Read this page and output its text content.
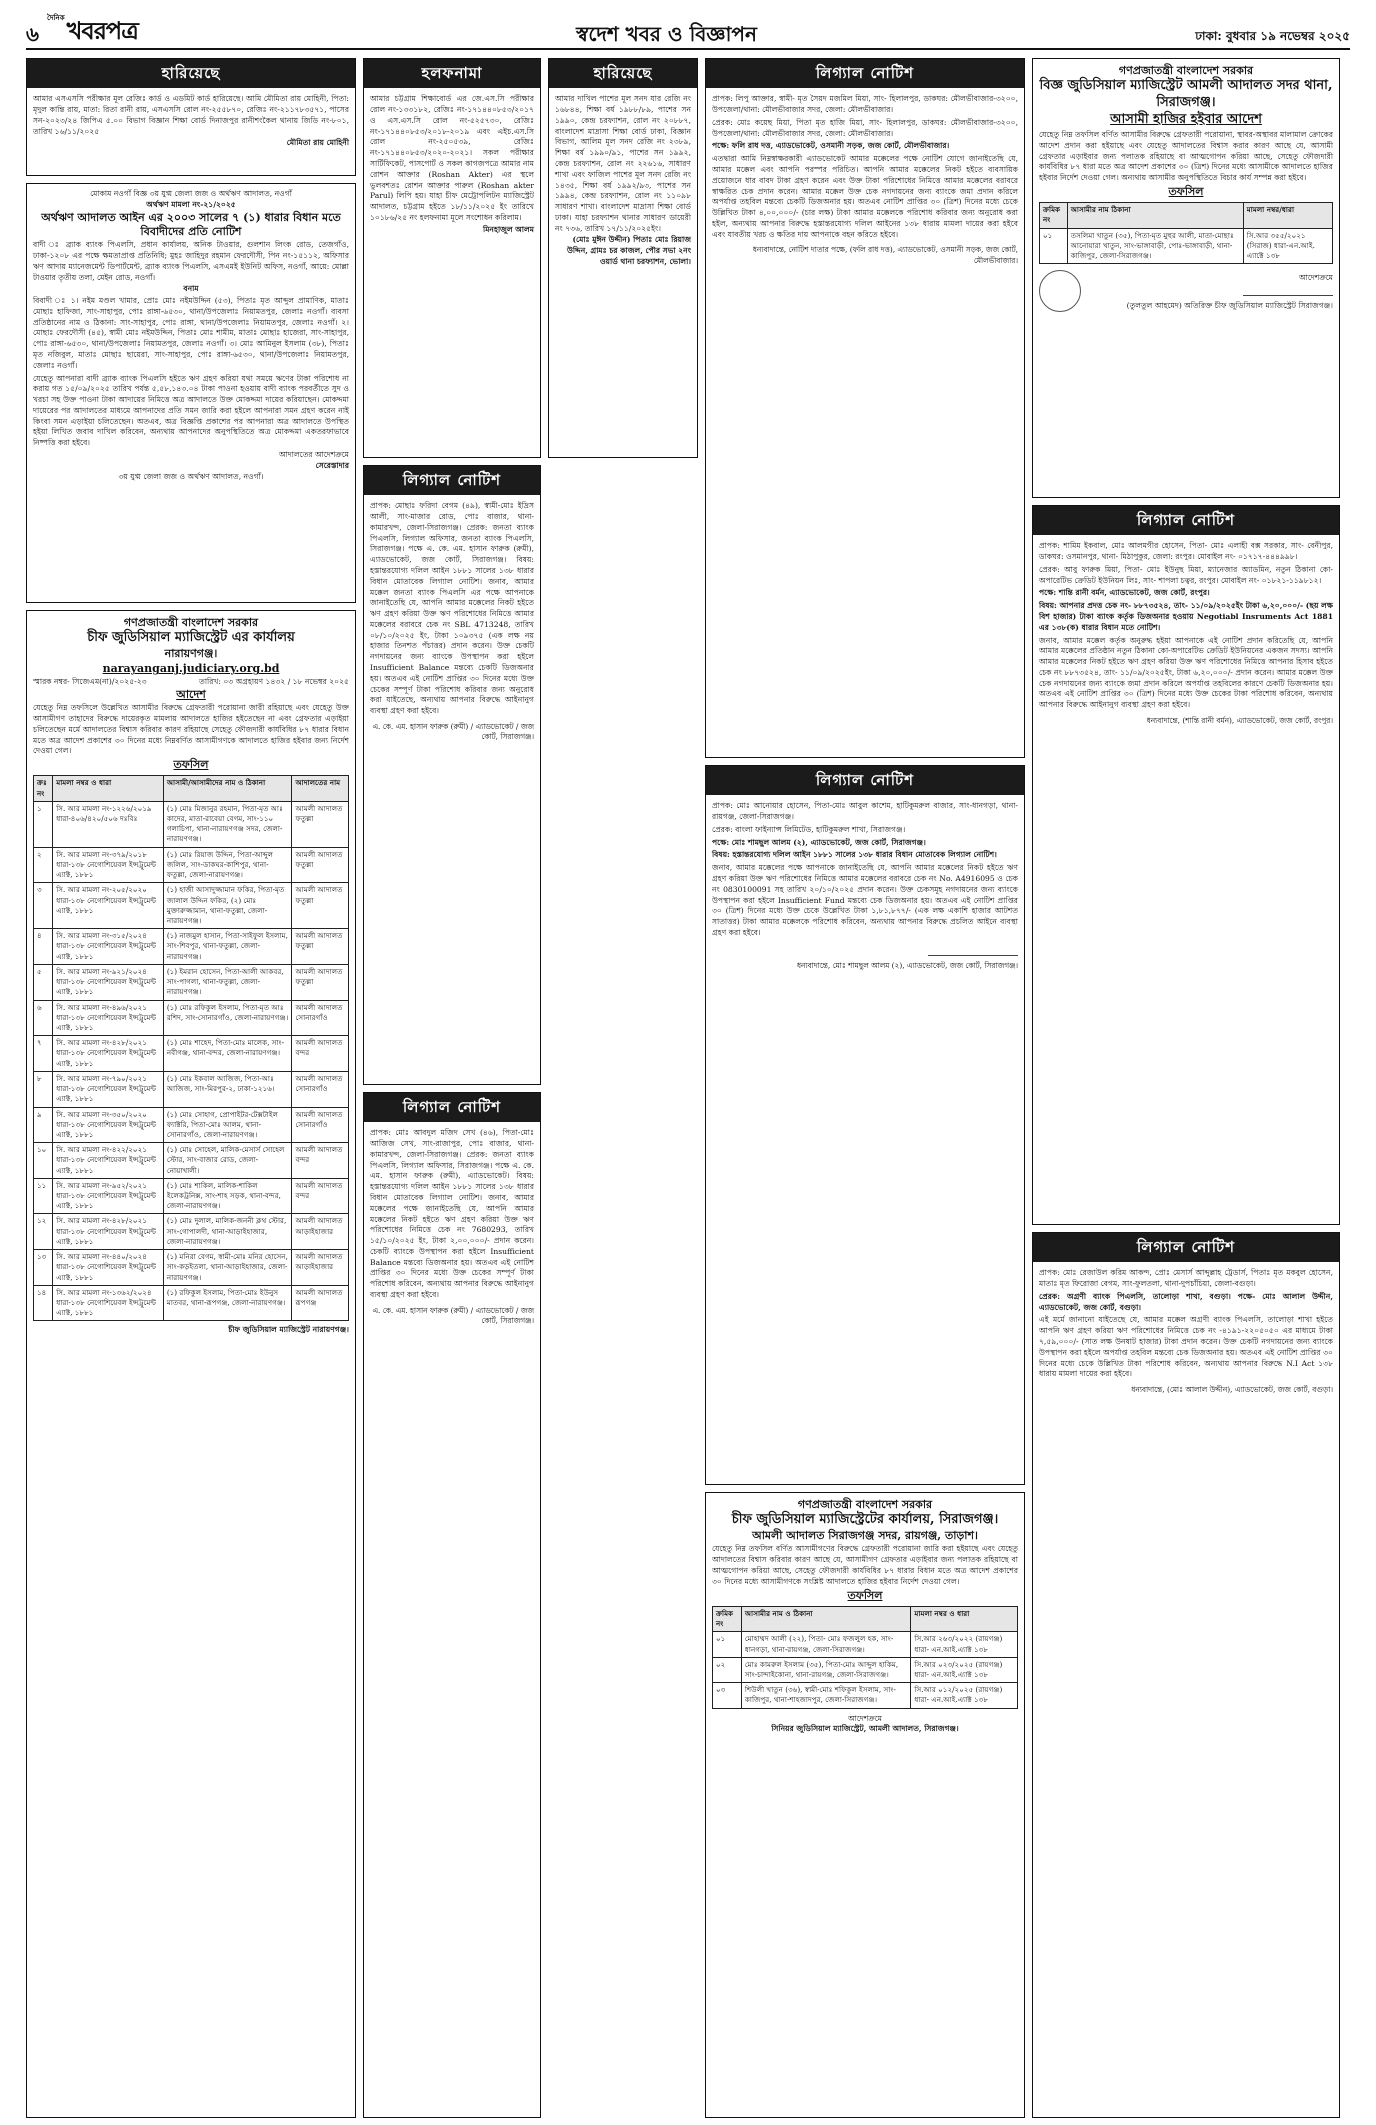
৬
$^{দৈনিক}$খবরপত্র	স্বদেশ খবর ও বিজ্ঞাপন	ঢাকা: বুধবার ১৯ নভেম্বর ২০২৫
হারিয়েছে

আমার এসএসসি পরীক্ষার মূল রেজিঃ কার্ড ও এডমিট কার্ড হারিয়েছে। আমি মৌমিতা রায় মোহিনী, পিতা: মৃদুল কান্তি রায়, মাতা: রিতা রানী রায়, এসএসসি রোল নং-২৫৫৮৭০, রেজিঃ নং-২১১৭৮৩৫৭১, পাসের সন-২০২৩/২৪ জিপিএ ৫.০০ বিভাগ বিজ্ঞান শিক্ষা বোর্ড দিনাজপুর রানীশংকৈল থানায় জিডি নং-৮০১, তারিখ ১৬/১১/২০২৫

মৌমিতা রায় মোহিনী
মোকাম নওগাঁ বিজ্ঞ ৩য় যুগ্ম জেলা জজ ও অর্থঋণ আদালত, নওগাঁ
অর্থঋণ মামলা নং-২১/২০২৫
অর্থঋণ আদালত আইন এর ২০০৩ সালের ৭ (১) ধারার বিধান মতে বিবাদীদের প্রতি নোটিশ

বাদী ঃ ব্র্যাক ব্যাংক পিএলসি, প্রধান কার্যালয়, অনিক টাওয়ার, গুলশান লিংক রোড, তেজগাঁও, ঢাকা-১২০৮ এর পক্ষে ক্ষমতাপ্রাপ্ত প্রতিনিধি; মুহঃ জাহিদুর রহমান ফেরদৌসী, পিন নং-১৫১১২, অফিসার ঋণ আদায় ম্যানেজমেন্ট ডিপার্টমেন্ট, ব্র্যাক ব্যাংক পিএলসি, এসএমই ইউনিট অফিস, নওগাঁ, আয়ে: মোল্লা টাওয়ার তৃতীয় তলা, মেইন রোড, নওগাঁ।

বনাম

বিবাদী ঃ ১। নইম মণ্ডল খামার, প্রোঃ মোঃ নইমউদ্দিন (৫৩), পিতাঃ মৃত আব্দুল প্রামাণিক, মাতাঃ মোছাঃ হাফিজা, সাং-সাহাপুর, পোঃ রাঙ্গা-৬৫৩০, থানা/উপজেলাঃ নিয়ামতপুর, জেলাঃ নওগাঁ। ব্যবসা প্রতিষ্ঠানের নাম ও ঠিকানা: সাং-সাহাপুর, পোঃ রাঙ্গা, থানা/উপজেলাঃ নিয়ামতপুর, জেলাঃ নওগাঁ। ২। মোছাঃ ফেরদৌসী (৪৫), স্বামী মোঃ নইমউদ্দিন, পিতাঃ মোঃ শামীম, মাতাঃ মোছাঃ হাজেরা, সাং-সাহাপুর, পোঃ রাঙ্গা-৬৫৩০, থানা/উপজেলাঃ নিয়ামতপুর, জেলাঃ নওগাঁ। ৩। মোঃ আমিনুল ইসলাম (৩৮), পিতাঃ মৃত নজিবুল, মাতাঃ মোছাঃ ছায়েরা, সাং-সাহাপুর, পোঃ রাঙ্গা-৬৫৩০, থানা/উপজেলাঃ নিয়ামতপুর, জেলাঃ নওগাঁ।

যেহেতু আপনারা বাদী ব্র্যাক ব্যাংক পিএলসি হইতে ঋণ গ্রহণ করিয়া যথা সময়ে ঋণের টাকা পরিশোধ না করায় গত ১৫/০৯/২০২৫ তারিখ পর্যন্ত ৫,৫৮,১৪৩.০৪ টাকা পাওনা হওয়ায় বাদী ব্যাংক পরবর্তীতে সুদ ও খরচা সহ উক্ত পাওনা টাকা আদায়ের নিমিত্তে অত্র আদালতে উক্ত মোকদ্দমা দায়ের করিয়াছেন। মোকদ্দমা দায়েরের পর আদালতের মাধ্যমে আপনাদের প্রতি সমন জারি করা হইলে আপনারা সমন গ্রহণ করেন নাই কিংবা সমন এড়াইয়া চলিতেছেন। অতএব, অত্র বিজ্ঞপ্তি প্রকাশের পর আপনারা অত্র আদালতে উপস্থিত হইয়া লিখিত জবাব দাখিল করিবেন, অন্যথায় আপনাদের অনুপস্থিতিতে অত্র মোকদ্দমা একতরফাভাবে নিষ্পত্তি করা হইবে।

আদালতের আদেশক্রমে
সেরেস্তাদার
৩য় যুগ্ম জেলা জজ ও অর্থঋণ আদালত, নওগাঁ।
গণপ্রজাতন্ত্রী বাংলাদেশ সরকার
চীফ জুডিসিয়াল ম্যাজিস্ট্রেট এর কার্যালয়
নারায়ণগঞ্জ।
narayanganj.judiciary.org.bd
স্মারক নম্বর- সিজেএম(না)/২০২৫-২৩	তারিখ: ০৩ অগ্রহায়ণ ১৪৩২ / ১৮ নভেম্বর ২০২৫
আদেশ

যেহেতু নিম্ন তফসিলে উল্লেখিত আসামীর বিরুদ্ধে গ্রেফতারী পরোয়ানা জারী রহিয়াছে এবং যেহেতু উক্ত আসামীগণ তাহাদের বিরুদ্ধে দায়েরকৃত মামলায় আদালতে হাজির হইতেছেন না এবং গ্রেফতার এড়াইয়া চলিতেছেন মর্মে আদালতের বিশ্বাস করিবার কারণ রহিয়াছে সেহেতু ফৌজদারী কার্যবিধির ৮৭ ধারার বিধান মতে অত্র আদেশ প্রকাশের ৩০ দিনের মধ্যে নিম্নবর্ণিত আসামীগণকে আদালতে হাজির হইবার জন্য নির্দেশ দেওয়া গেল।

তফসিল
ক্রঃ নং	মামলা নম্বর ও ধারা	আসামী/আসামীদের নাম ও ঠিকানা	আদালতের নাম
১	সি. আর মামলা নং-১২২৬/২০১৯ ধারা-৪০৬/৪২০/৫০৬ দঃবিঃ	(১) মোঃ মিজানুর রহমান, পিতা-মৃত আঃ কাদের, মাতা-রাবেয়া বেগম, সাং-১১০ গলাচিপা, থানা-নারায়ণগঞ্জ সদর, জেলা-নারায়ণগঞ্জ।	আমলী আদালত ফতুল্লা
২	সি. আর মামলা নং-৩৭৯/২০১৮ ধারা-১৩৮ নেগোশিয়েবল ইন্সট্রুমেন্ট এ্যাক্ট, ১৮৮১	(১) মোঃ রিয়াজ উদ্দিন, পিতা-আব্দুল জলিল, সাং-ডাকঘর-কাশিপুর, থানা-ফতুল্লা, জেলা-নারায়ণগঞ্জ।	আমলী আদালত ফতুল্লা
৩	সি. আর মামলা নং-২০৫/২০২০ ধারা-১৩৮ নেগোশিয়েবল ইন্সট্রুমেন্ট এ্যাক্ট, ১৮৮১	(১) হাজী আসাদুজ্জামান ফকির, পিতা-মৃত জালাল উদ্দিন ফকির, (২) মোঃ মুক্তারুজ্জামান, থানা-ফতুল্লা, জেলা-নারায়ণগঞ্জ।	আমলী আদালত ফতুল্লা
৪	সি. আর মামলা নং-৩১৫/২০২৪ ধারা-১৩৮ নেগোশিয়েবল ইন্সট্রুমেন্ট এ্যাক্ট, ১৮৮১	(১) নাজমুল হাসান, পিতা-সাইফুল ইসলাম, সাং-শিবপুর, থানা-ফতুল্লা, জেলা-নারায়ণগঞ্জ।	আমলী আদালত ফতুল্লা
৫	সি. আর মামলা নং-৯২১/২০২৪ ধারা-১৩৮ নেগোশিয়েবল ইন্সট্রুমেন্ট এ্যাক্ট, ১৮৮১	(১) ইমরান হোসেন, পিতা-আলী আকবর, সাং-পাগলা, থানা-ফতুল্লা, জেলা-নারায়ণগঞ্জ।	আমলী আদালত ফতুল্লা
৬	সি. আর মামলা নং-৪৯৬/২০২১ ধারা-১৩৮ নেগোশিয়েবল ইন্সট্রুমেন্ট এ্যাক্ট, ১৮৮১	(১) মোঃ রফিকুল ইসলাম, পিতা-মৃত আঃ রশিদ, সাং-সোনারগাঁও, জেলা-নারায়ণগঞ্জ।	আমলী আদালত সোনারগাঁও
৭	সি. আর মামলা নং-৪২৮/২০২১ ধারা-১৩৮ নেগোশিয়েবল ইন্সট্রুমেন্ট এ্যাক্ট, ১৮৮১	(১) মোঃ শাহেদ, পিতা-মোঃ মালেক, সাং-নবীগঞ্জ, থানা-বন্দর, জেলা-নারায়ণগঞ্জ।	আমলী আদালত বন্দর
৮	সি. আর মামলা নং-৭৯০/২০২১ ধারা-১৩৮ নেগোশিয়েবল ইন্সট্রুমেন্ট এ্যাক্ট, ১৮৮১	(১) মোঃ ইকবাল আজিজ, পিতা-আঃ আজিজ, সাং-মিরপুর-২, ঢাকা-১২১৬।	আমলী আদালত সোনারগাঁও
৯	সি. আর মামলা নং-৩৫০/২০২০ ধারা-১৩৮ নেগোশিয়েবল ইন্সট্রুমেন্ট এ্যাক্ট, ১৮৮১	(১) মোঃ সোহাগ, প্রোপাইটর-টেক্সটাইল ফ্যাক্টরি, পিতা-মোঃ আলম, থানা-সোনারগাঁও, জেলা-নারায়ণগঞ্জ।	আমলী আদালত সোনারগাঁও
১০	সি. আর মামলা নং-৪২২/২০২১ ধারা-১৩৮ নেগোশিয়েবল ইন্সট্রুমেন্ট এ্যাক্ট, ১৮৮১	(১) মোঃ সোহেল, মালিক-মেসার্স সোহেল স্টোর, সাং-বাজার রোড, জেলা-নোয়াখালী।	আমলী আদালত বন্দর
১১	সি. আর মামলা নং-৯৫২/২০২১ ধারা-১৩৮ নেগোশিয়েবল ইন্সট্রুমেন্ট এ্যাক্ট, ১৮৮১	(১) মোঃ শাকিল, মালিক-শাকিল ইলেকট্রনিক্স, সাং-শাহ সড়ক, থানা-বন্দর, জেলা-নারায়ণগঞ্জ।	আমলী আদালত বন্দর
১২	সি. আর মামলা নং-৪২৮/২০২১ ধারা-১৩৮ নেগোশিয়েবল ইন্সট্রুমেন্ট এ্যাক্ট, ১৮৮১	(১) মোঃ দুলাল, মালিক-জননী ক্লথ স্টোর, সাং-গোপালদী, থানা-আড়াইহাজার, জেলা-নারায়ণগঞ্জ।	আমলী আদালত আড়াইহাজার
১৩	সি. আর মামলা নং-৪৪০/২০২৪ ধারা-১৩৮ নেগোশিয়েবল ইন্সট্রুমেন্ট এ্যাক্ট, ১৮৮১	(১) মনিরা বেগম, স্বামী-মোঃ মনির হোসেন, সাং-কড়ইতলা, থানা-আড়াইহাজার, জেলা-নারায়ণগঞ্জ।	আমলী আদালত আড়াইহাজার
১৪	সি. আর মামলা নং-১৩৬২/২০২৪ ধারা-১৩৮ নেগোশিয়েবল ইন্সট্রুমেন্ট এ্যাক্ট, ১৮৮১	(১) রফিকুল ইসলাম, পিতা-মোঃ ইউনুস মাতবর, থানা-রূপগঞ্জ, জেলা-নারায়ণগঞ্জ।	আমলী আদালত রূপগঞ্জ
চীফ জুডিসিয়াল ম্যাজিস্ট্রেট নারায়ণগঞ্জ।
হলফনামা

আমার চট্টগ্রাম শিক্ষাবোর্ড এর জে.এস.সি পরীক্ষার রোল নং-১৩৩১৮২, রেজিঃ নং-১৭১৪৪০৮৫৩/২০১৭ ও এস.এস.সি রোল নং-৫২৫৭৩০, রেজিঃ নং-১৭১৪৪০৮৫৩/২০১৮-২০১৯ এবং এইচ.এস.সি রোল নং-২৫০৫৩৯, রেজিঃ নং-১৭১৪৪০৮৫৩/২০২০-২০২১। সকল পরীক্ষার সার্টিফিকেট, পাসপোর্ট ও সকল কাগজপত্রে আমার নাম রোশন আক্তার (Roshan Akter) এর স্থলে ভুলবশতঃ রোশন আক্তার পারুল (Roshan akter Parul) লিপি হয়। যাহা চীফ মেট্রোপলিটন ম্যাজিস্ট্রেট আদালত, চট্টগ্রাম হইতে ১৮/১১/২০২৫ ইং তারিখে ১০১৮৬/২৫ নং হলফনামা মূলে সংশোধন করিলাম।

মিনহাজুল আলম
লিগ্যাল নোটিশ

প্রাপক: মোছাঃ ফরিদা বেগম (৪৯), স্বামী-মোঃ ইদ্রিস আলী, সাং-মাজার রোড, পোঃ বাজার, থানা-কামারখন্দ, জেলা-সিরাজগঞ্জ। প্রেরক: জনতা ব্যাংক পিএলসি, লিগ্যাল অফিসার, জনতা ব্যাংক পিএলসি, সিরাজগঞ্জ। পক্ষে এ. কে. এম. হাসান ফারুক (রুমী), এ্যাডভোকেট, জজ কোর্ট, সিরাজগঞ্জ। বিষয়: হস্তান্তরযোগ্য দলিল আইন ১৮৮১ সালের ১৩৮ ধারার বিধান মোতাবেক লিগ্যাল নোটিশ। জনাব, আমার মক্কেল জনতা ব্যাংক পিএলসি এর পক্ষে আপনাকে জানাইতেছি যে, আপনি আমার মক্কেলের নিকট হইতে ঋণ গ্রহণ করিয়া উক্ত ঋণ পরিশোধের নিমিত্তে আমার মক্কেলের বরাবরে চেক নং SBL 4713248, তারিখ ০৮/১০/২০২৫ ইং, টাকা ১০৯৩৭৫ (এক লক্ষ নয় হাজার তিনশত পঁচাত্তর) প্রদান করেন। উক্ত চেকটি নগদায়নের জন্য ব্যাংকে উপস্থাপন করা হইলে Insufficient Balance মন্তব্যে চেকটি ডিজঅনার হয়। অতএব এই নোটিশ প্রাপ্তির ৩০ দিনের মধ্যে উক্ত চেকের সম্পূর্ণ টাকা পরিশোধ করিবার জন্য অনুরোধ করা যাইতেছে, অন্যথায় আপনার বিরুদ্ধে আইনানুগ ব্যবস্থা গ্রহণ করা হইবে।

এ. কে. এম. হাসান ফারুক (রুমী) / এ্যাডভোকেট / জজ কোর্ট, সিরাজগঞ্জ।
লিগ্যাল নোটিশ

প্রাপক: মোঃ আবদুল মজিদ সেখ (৪৬), পিতা-মোঃ আজিজ সেখ, সাং-রাজাপুর, পোঃ বাজার, থানা-কামারখন্দ, জেলা-সিরাজগঞ্জ। প্রেরক: জনতা ব্যাংক পিএলসি, লিগ্যাল অফিসার, সিরাজগঞ্জ। পক্ষে এ. কে. এম. হাসান ফারুক (রুমী), এ্যাডভোকেট। বিষয়: হস্তান্তরযোগ্য দলিল আইন ১৮৮১ সালের ১৩৮ ধারার বিধান মোতাবেক লিগ্যাল নোটিশ। জনাব, আমার মক্কেলের পক্ষে জানাইতেছি যে, আপনি আমার মক্কেলের নিকট হইতে ঋণ গ্রহণ করিয়া উক্ত ঋণ পরিশোধের নিমিত্তে চেক নং 7680293, তারিখ ১৫/১০/২০২৫ ইং, টাকা ২,০০,০০০/- প্রদান করেন। চেকটি ব্যাংকে উপস্থাপন করা হইলে Insufficient Balance মন্তব্যে ডিজঅনার হয়। অতএব এই নোটিশ প্রাপ্তির ৩০ দিনের মধ্যে উক্ত চেকের সম্পূর্ণ টাকা পরিশোধ করিবেন, অন্যথায় আপনার বিরুদ্ধে আইনানুগ ব্যবস্থা গ্রহণ করা হইবে।

এ. কে. এম. হাসান ফারুক (রুমী) / এ্যাডভোকেট / জজ কোর্ট, সিরাজগঞ্জ।
হারিয়েছে

আমার দাখিল পাশের মূল সনদ যার রেজি নং ১৬৮৪৪, শিক্ষা বর্ষ ১৯৮৮/৮৯, পাশের সন ১৯৯০, কেন্দ্র চরফ্যাশন, রোল নং ২০৮৮৭, বাংলাদেশ মাদ্রাসা শিক্ষা বোর্ড ঢাকা, বিজ্ঞান বিভাগ, আলিম মূল সনদ রেজি নং ২৩৮৯, শিক্ষা বর্ষ ১৯৯০/৯১, পাশের সন ১৯৯২, কেন্দ্র চরফ্যাশন, রোল নং ২২৬১৬, সাধারণ শাখা এবং ফাজিল পাশের মূল সনদ রেজি নং ১৪৩৫, শিক্ষা বর্ষ ১৯৯২/৯৩, পাশের সন ১৯৯৪, কেন্দ্র চরফ্যাশন, রোল নং ১১০৯৮ সাধারণ শাখা। বাংলাদেশ মাদ্রাসা শিক্ষা বোর্ড ঢাকা। যাহা চরফ্যাশন থানার সাধারণ ডায়েরী নং ৭৩৬, তারিখ ১৭/১১/২০২৫ইং।

(মোঃ মুঈন উদ্দীন) পিতাঃ মোঃ রিয়াজ উদ্দিন, গ্রামঃ চর কাজল, পৌর সভা ২নং ওয়ার্ড থানা চরফ্যাশন, ভোলা।
লিগ্যাল নোটিশ

প্রাপক: লিপু আক্তার, স্বামী- মৃত সৈয়দ মজমিল মিয়া, সাং- হিলালপুর, ডাকঘর: মৌলভীবাজার-৩২০০, উপজেলা/থানা: মৌলভীবাজার সদর, জেলা: মৌলভীবাজার।

প্রেরক: মোঃ কয়েছ মিয়া, পিতা মৃত হাজি মিয়া, সাং- হিলালপুর, ডাকঘর: মৌলভীবাজার-৩২০০, উপজেলা/থানা: মৌলভীবাজার সদর, জেলা: মৌলভীবাজার।

পক্ষে: ফলি রাধ দত্ত, এ্যাডভোকেট, ওসমানী সড়ক, জজ কোর্ট, মৌলভীবাজার।

এতদ্বারা আমি নিম্নস্বাক্ষরকারী এ্যাডভোকেট আমার মক্কেলের পক্ষে নোটিশ যোগে জানাইতেছি যে, আমার মক্কেল এবং আপনি পরস্পর পরিচিত। আপনি আমার মক্কেলের নিকট হইতে ব্যবসায়িক প্রয়োজনে ধার বাবদ টাকা গ্রহণ করেন এবং উক্ত টাকা পরিশোধের নিমিত্তে আমার মক্কেলের বরাবরে স্বাক্ষরিত চেক প্রদান করেন। আমার মক্কেল উক্ত চেক নগদায়নের জন্য ব্যাংকে জমা প্রদান করিলে অপর্যাপ্ত তহবিল মন্তব্যে চেকটি ডিজঅনার হয়। অতএব নোটিশ প্রাপ্তির ৩০ (ত্রিশ) দিনের মধ্যে চেকে উল্লিখিত টাকা ৪,০০,০০০/- (চার লক্ষ) টাকা আমার মক্কেলকে পরিশোধ করিবার জন্য অনুরোধ করা হইল, অন্যথায় আপনার বিরুদ্ধে হস্তান্তরযোগ্য দলিল আইনের ১৩৮ ধারায় মামলা দায়ের করা হইবে এবং যাবতীয় খরচ ও ক্ষতির দায় আপনাকে বহন করিতে হইবে।

ধন্যবাদান্তে, নোটিশ দাতার পক্ষে, (ফলি রাধ দত্ত), এ্যাডভোকেট, ওসমানী সড়ক, জজ কোর্ট, মৌলভীবাজার।
লিগ্যাল নোটিশ

প্রাপক: মোঃ আনোয়ার হোসেন, পিতা-মোঃ আবুল কাশেম, হাটিকুমরুল বাজার, সাং-ধানগড়া, থানা-রায়গঞ্জ, জেলা-সিরাজগঞ্জ।

প্রেরক: বাংলা ফাইন্যান্স লিমিটেড, হাটিকুমরুল শাখা, সিরাজগঞ্জ।

পক্ষে: মোঃ শামছুল আলম (২), এ্যাডভোকেট, জজ কোর্ট, সিরাজগঞ্জ।

বিষয়: হস্তান্তরযোগ্য দলিল আইন ১৮৮১ সালের ১৩৮ ধারার বিধান মোতাবেক লিগ্যাল নোটিশ।

জনাব, আমার মক্কেলের পক্ষে আপনাকে জানাইতেছি যে, আপনি আমার মক্কেলের নিকট হইতে ঋণ গ্রহণ করিয়া উক্ত ঋণ পরিশোধের নিমিত্তে আমার মক্কেলের বরাবরে চেক নং No. A4916095 ও চেক নং 0830100091 সহ তারিখ ২০/১০/২০২৫ প্রদান করেন। উক্ত চেকসমূহ নগদায়নের জন্য ব্যাংকে উপস্থাপন করা হইলে Insufficient Fund মন্তব্যে চেক ডিজঅনার হয়। অতএব এই নোটিশ প্রাপ্তির ৩০ (ত্রিশ) দিনের মধ্যে উক্ত চেকে উল্লেখিত টাকা ১,৮১,৮৭৭/- (এক লক্ষ একাশি হাজার আটশত সাতাত্তর) টাকা আমার মক্কেলকে পরিশোধ করিবেন, অন্যথায় আপনার বিরুদ্ধে প্রচলিত আইনে ব্যবস্থা গ্রহণ করা হইবে।

ধন্যবাদান্তে, মোঃ শামছুল আলম (২), এ্যাডভোকেট, জজ কোর্ট, সিরাজগঞ্জ।
গণপ্রজাতন্ত্রী বাংলাদেশ সরকার
চীফ জুডিসিয়াল ম্যাজিস্ট্রেটের কার্যালয়, সিরাজগঞ্জ।
আমলী আদালত সিরাজগঞ্জ সদর, রায়গঞ্জ, তাড়াশ।

যেহেতু নিম্ন তফসিল বর্ণিত আসামীগণের বিরুদ্ধে গ্রেফতারী পরোয়ানা জারি করা হইয়াছে এবং যেহেতু আদালতের বিশ্বাস করিবার কারণ আছে যে, আসামীগণ গ্রেফতার এড়াইবার জন্য পলাতক রহিয়াছে বা আত্মগোপন করিয়া আছে, সেহেতু ফৌজদারী কার্যবিধির ৮৭ ধারার বিধান মতে অত্র আদেশ প্রকাশের ৩০ দিনের মধ্যে আসামীগণকে সংশ্লিষ্ট আদালতে হাজির হইবার নির্দেশ দেওয়া গেল।

তফসিল
ক্রমিক নং	আসামীর নাম ও ঠিকানা	মামলা নম্বর ও ধারা
০১	মোহাম্মদ আলী (২২), পিতা- মোঃ ফজলুল হক, সাং-ধানগড়া, থানা-রায়গঞ্জ, জেলা-সিরাজগঞ্জ।	সি.আর ২৬৩/২০২২ (রায়গঞ্জ) ধারা- এন.আই.এ্যাক্ট ১৩৮
০২	মোঃ কামরুল ইসলাম (৩৫), পিতা-মোঃ আব্দুল হাকিম, সাং-চান্দাইকোনা, থানা-রায়গঞ্জ, জেলা-সিরাজগঞ্জ।	সি.আর ০২৩/২০২৫ (রায়গঞ্জ) ধারা- এন.আই.এ্যাক্ট ১৩৮
০৩	শিউলী খাতুন (৩৬), স্বামী-মোঃ শফিকুল ইসলাম, সাং-কাজিপুর, থানা-শাহজাদপুর, জেলা-সিরাজগঞ্জ।	সি.আর ০১২/২০২৫ (রায়গঞ্জ) ধারা- এন.আই.এ্যাক্ট ১৩৮
আদেশক্রমে
সিনিয়র জুডিসিয়াল ম্যাজিস্ট্রেট, আমলী আদালত, সিরাজগঞ্জ।
গণপ্রজাতন্ত্রী বাংলাদেশ সরকার
বিজ্ঞ জুডিসিয়াল ম্যাজিস্ট্রেট আমলী আদালত সদর থানা, সিরাজগঞ্জ।
আসামী হাজির হইবার আদেশ

যেহেতু নিম্ন তফসিল বর্ণিত আসামীর বিরুদ্ধে গ্রেফতারী পরোয়ানা, স্থাবর-অস্থাবর মালামাল ক্রোকের আদেশ প্রদান করা হইয়াছে এবং যেহেতু আদালতের বিশ্বাস করার কারণ আছে যে, আসামী গ্রেফতার এড়াইবার জন্য পলাতক রহিয়াছে বা আত্মগোপন করিয়া আছে, সেহেতু ফৌজদারী কার্যবিধির ৮৭ ধারা মতে অত্র আদেশ প্রকাশের ৩০ (ত্রিশ) দিনের মধ্যে আসামীকে আদালতে হাজির হইবার নির্দেশ দেওয়া গেল। অন্যথায় আসামীর অনুপস্থিতিতে বিচার কার্য সম্পন্ন করা হইবে।

তফসিল
ক্রমিক নং	আসামীর নাম ঠিকানা	মামলা নম্বর/ধারা
০১	তসলিমা খাতুন (৩৫), পিতা-মৃত মুহুর আলী, মাতা-মোছাঃ আনোয়ারা খাতুন, সাং-ভাঙ্গাবাড়ী, পোঃ-ভাঙ্গাবাড়ী, থানা-কাজিপুর, জেলা-সিরাজগঞ্জ।	সি.আর ৩৫৫/২০২১ (সিরাজ) ধারা-এন.আই. এ্যাক্টে ১৩৮
আদেশক্রমে
(তুলতুল আহমেদ) অতিরিক্ত চীফ জুডিসিয়াল ম্যাজিস্ট্রেট সিরাজগঞ্জ।
লিগ্যাল নোটিশ

প্রাপক: শামিম ইকবাল, মোঃ আলমগীর হোসেন, পিতা- মোঃ এলাহী বক্স সরকার, সাং- বেনীপুর, ডাকঘর: ওসমানপুর, থানা- মিঠাপুকুর, জেলা: রংপুর। মোবাইল নং- ০১৭১৭-৪৪৪৯৯৮।

প্রেরক: আবু ফারুক মিয়া, পিতা- মোঃ ইউনুছ মিয়া, ম্যানেজার অ্যাডমিন, নতুন ঠিকানা কো-অপারেটিভ ক্রেডিট ইউনিয়ন লিঃ, সাং- শাপলা চত্বর, রংপুর। মোবাইল নং- ০১৮২১-১১৯৮১২।

পক্ষে: শান্তি রানী বর্মন, এ্যাডভোকেট, জজ কোর্ট, রংপুর।

বিষয়: আপনার প্রদত্ত চেক নং- ৮৮৭৩৫২৪, তাং- ১১/০৯/২০২৫ইং টাকা ৬,২০,০০০/- (ছয় লক্ষ বিশ হাজার) টাকা ব্যাংক কর্তৃক ডিজঅনার হওয়ায় Negotiabl Insruments Act 1881 এর ১৩৮(ক) ধারার বিধান মতে নোটিশ।

জনাব, আমার মক্কেল কর্তৃক অনুরুদ্ধ হইয়া আপনাকে এই নোটিশ প্রদান করিতেছি যে, আপনি আমার মক্কেলের প্রতিষ্ঠান নতুন ঠিকানা কো-অপারেটিভ ক্রেডিট ইউনিয়নের একজন সদস্য। আপনি আমার মক্কেলের নিকট হইতে ঋণ গ্রহণ করিয়া উক্ত ঋণ পরিশোধের নিমিত্তে আপনার হিসাব হইতে চেক নং ৮৮৭৩৫২৪, তাং- ১১/০৯/২০২৫ইং, টাকা ৬,২০,০০০/- প্রদান করেন। আমার মক্কেল উক্ত চেক নগদায়নের জন্য ব্যাংকে জমা প্রদান করিলে অপর্যাপ্ত তহবিলের কারণে চেকটি ডিজঅনার হয়। অতএব এই নোটিশ প্রাপ্তির ৩০ (ত্রিশ) দিনের মধ্যে উক্ত চেকের টাকা পরিশোধ করিবেন, অন্যথায় আপনার বিরুদ্ধে আইনানুগ ব্যবস্থা গ্রহণ করা হইবে।

ধন্যবাদান্তে, (শান্তি রানী বর্মন), এ্যাডভোকেট, জজ কোর্ট, রংপুর।
লিগ্যাল নোটিশ

প্রাপক: মোঃ রেজাউল করিম আকন্দ, প্রোঃ মেসার্স আব্দুল্লাহ ট্রেডার্স, পিতাঃ মৃত মকবুল হোসেন, মাতাঃ মৃত ফিরোজা বেগম, সাং-ফুলতলা, থানা-দুপচাঁচিয়া, জেলা-বগুড়া।

প্রেরক: অগ্রণী ব্যাংক পিএলসি, তালোড়া শাখা, বগুড়া। পক্ষে- মোঃ আলাল উদ্দীন, এ্যাডভোকেট, জজ কোর্ট, বগুড়া।

এই মর্মে জানানো যাইতেছে যে, আমার মক্কেল অগ্রণী ব্যাংক পিএলসি, তালোড়া শাখা হইতে আপনি ঋণ গ্রহণ করিয়া ঋণ পরিশোধের নিমিত্তে চেক নং -৪১৯১-২২০৫০৫০ এর মাধ্যমে টাকা ৭,৫৯,০০০/- (সাত লক্ষ উনষাট হাজার) টাকা প্রদান করেন। উক্ত চেকটি নগদায়নের জন্য ব্যাংকে উপস্থাপন করা হইলে অপর্যাপ্ত তহবিল মন্তব্যে চেক ডিজঅনার হয়। অতএব এই নোটিশ প্রাপ্তির ৩০ দিনের মধ্যে চেকে উল্লিখিত টাকা পরিশোধ করিবেন, অন্যথায় আপনার বিরুদ্ধে N.I Act ১৩৮ ধারায় মামলা দায়ের করা হইবে।

ধন্যবাদান্তে, (মোঃ আলাল উদ্দীন), এ্যাডভোকেট, জজ কোর্ট, বগুড়া।
